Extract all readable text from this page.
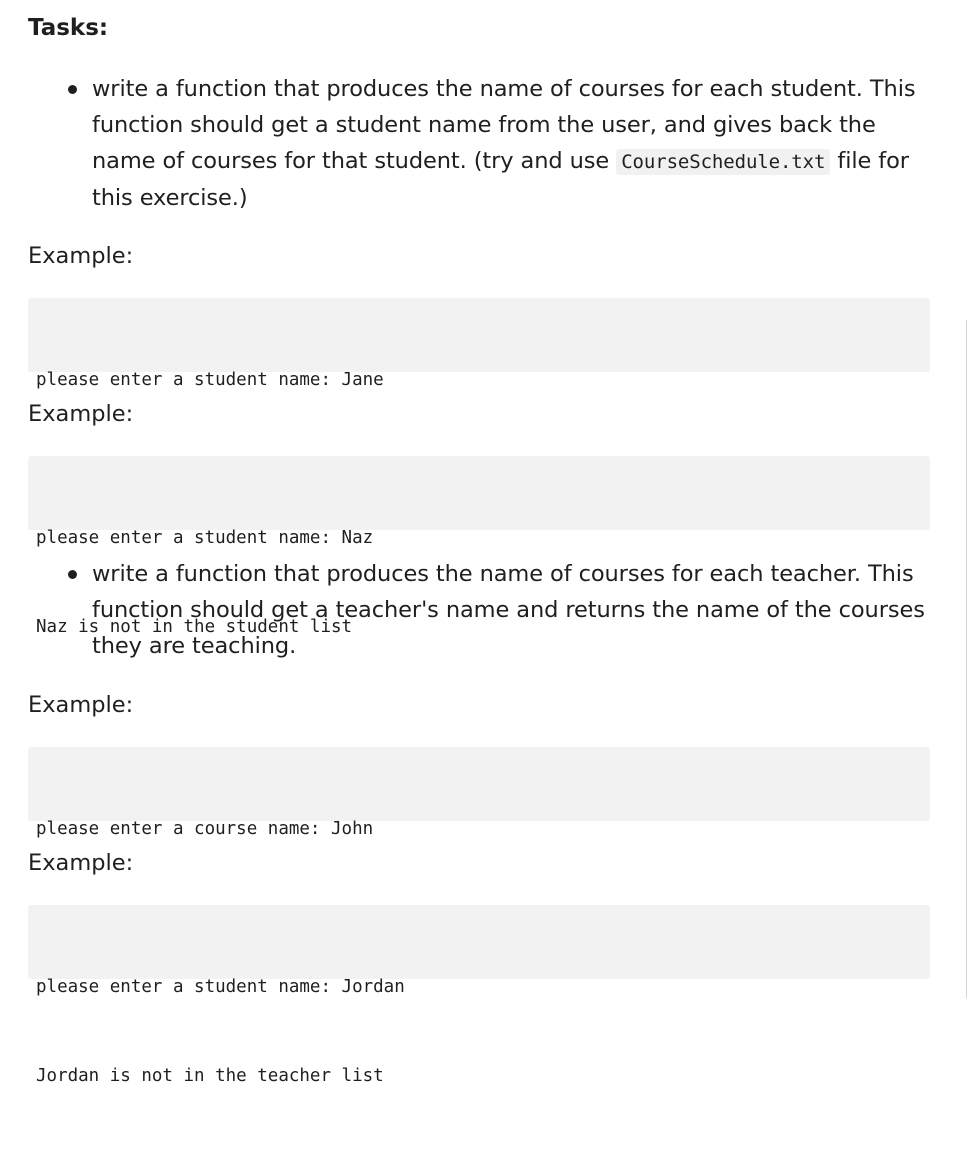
Tasks:
write a function that produces the name of courses for each student. This function should get a student name from the user, and gives back the name of courses for that student. (try and use CourseSchedule.txt file for this exercise.)

Example:

please enter a student name: Jane

Example:

please enter a student name: Naz

Naz is not in the student list

write a function that produces the name of courses for each teacher. This function should get a teacher's name and returns the name of the courses they are teaching.

Example:

please enter a course name: John

Example:

please enter a student name: Jordan

Jordan is not in the teacher list
